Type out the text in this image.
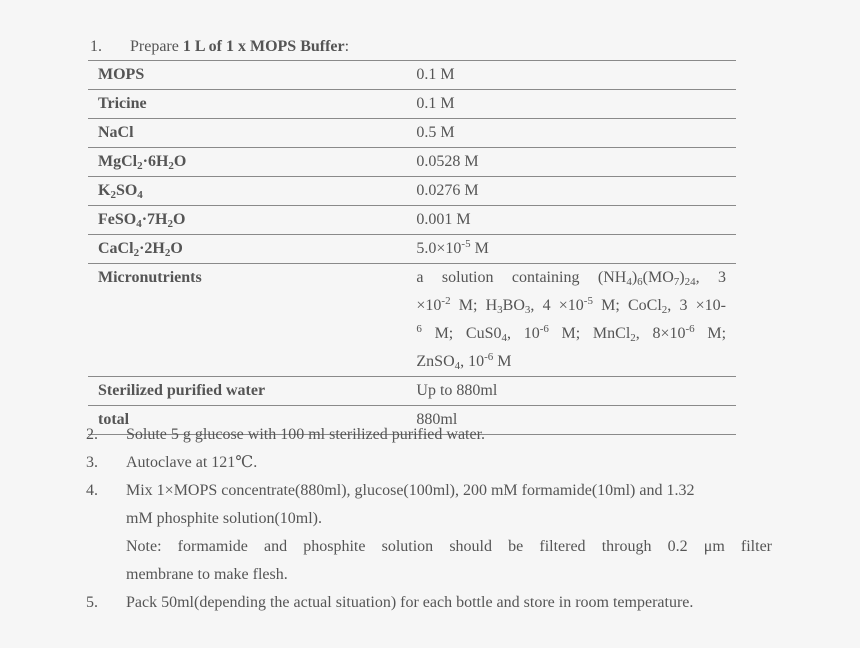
1. Prepare 1 L of 1 x MOPS Buffer:
MOPS	0.1 M
Tricine	0.1 M
NaCl	0.5 M
$MgCl_2\cdot 6H_2O$	0.0528 M
$K_2SO_4$	0.0276 M
$FeSO_4\cdot 7H_2O$	0.001 M
$CaCl_2\cdot 2H_2O$	$5.0\times 10^{-5}$ M
Micronutrients	a solution containing $(NH_4)_6(MO_7)_{24}$, 3
$\times 10^{-2}$ M; $H_3BO_3$, $4 \times 10^{-5}$ M; CoCl$_2$, 3 ×10-
$^6$ M; $CuS0_4$, $10^{-6}$ M; MnCl$_2$, $8\times 10^{-6}$ M;
ZnSO$_4$, $10^{-6}$ M

Sterilized purified water	Up to 880ml
total	880ml
2. Solute 5 g glucose with 100 ml sterilized purified water.
3. Autoclave at 121℃.
4. Mix 1×MOPS concentrate(880ml), glucose(100ml), 200 mM formamide(10ml) and 1.32
mM phosphite solution(10ml).
Note: formamide and phosphite solution should be filtered through 0.2 μm filter
membrane to make flesh.
5. Pack 50ml(depending the actual situation) for each bottle and store in room temperature.
